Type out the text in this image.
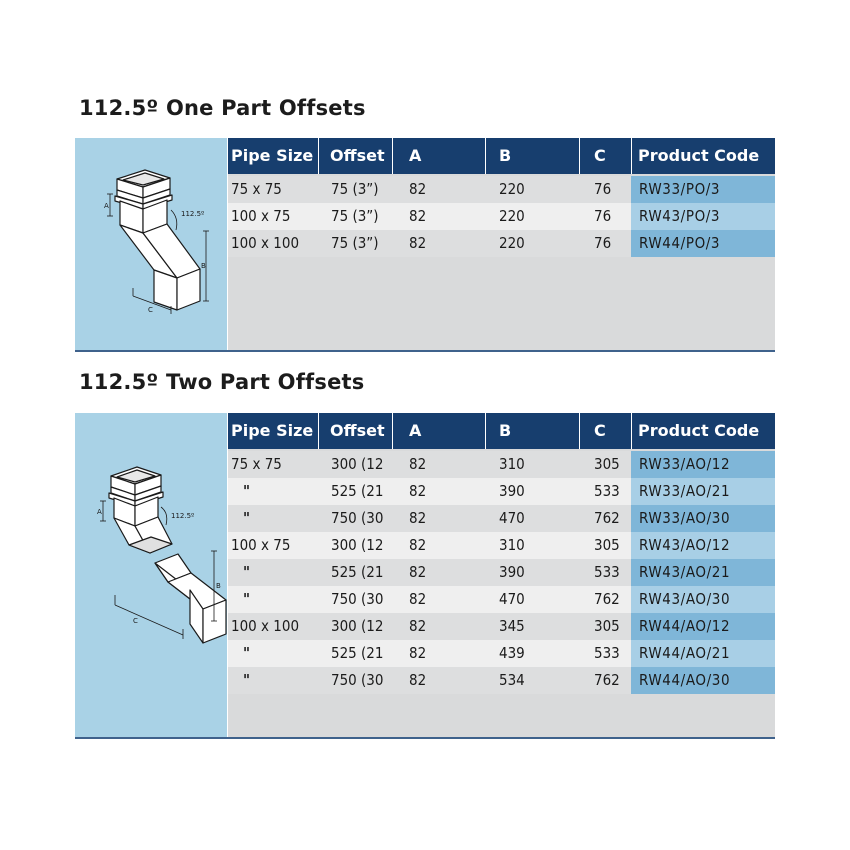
112.5º One Part Offsets
A
112.5º
B
C
Pipe Size Offset A	B	C Product Code
75 x 75	75 (3”) 82	220	76	RW33/PO/3
100 x 75	75 (3”) 82	220	76	RW43/PO/3
100 x 100 75 (3”) 82	220	76	RW44/PO/3
112.5º Two Part Offsets
A	112.5º
B
C
Pipe Size Offset A	B	C Product Code
75 x 75	300 (12	82	310	305	RW33/AO/12
"	525 (21	82	390	533	RW33/AO/21
"	750 (30	82	470	762	RW33/AO/30
100 x 75	300 (12	82	310	305	RW43/AO/12
"	525 (21	82	390	533	RW43/AO/21
"	750 (30	82	470	762	RW43/AO/30
100 x 100 300 (12	82	345	305	RW44/AO/12
"	525 (21	82	439	533	RW44/AO/21
"	750 (30	82	534	762	RW44/AO/30
